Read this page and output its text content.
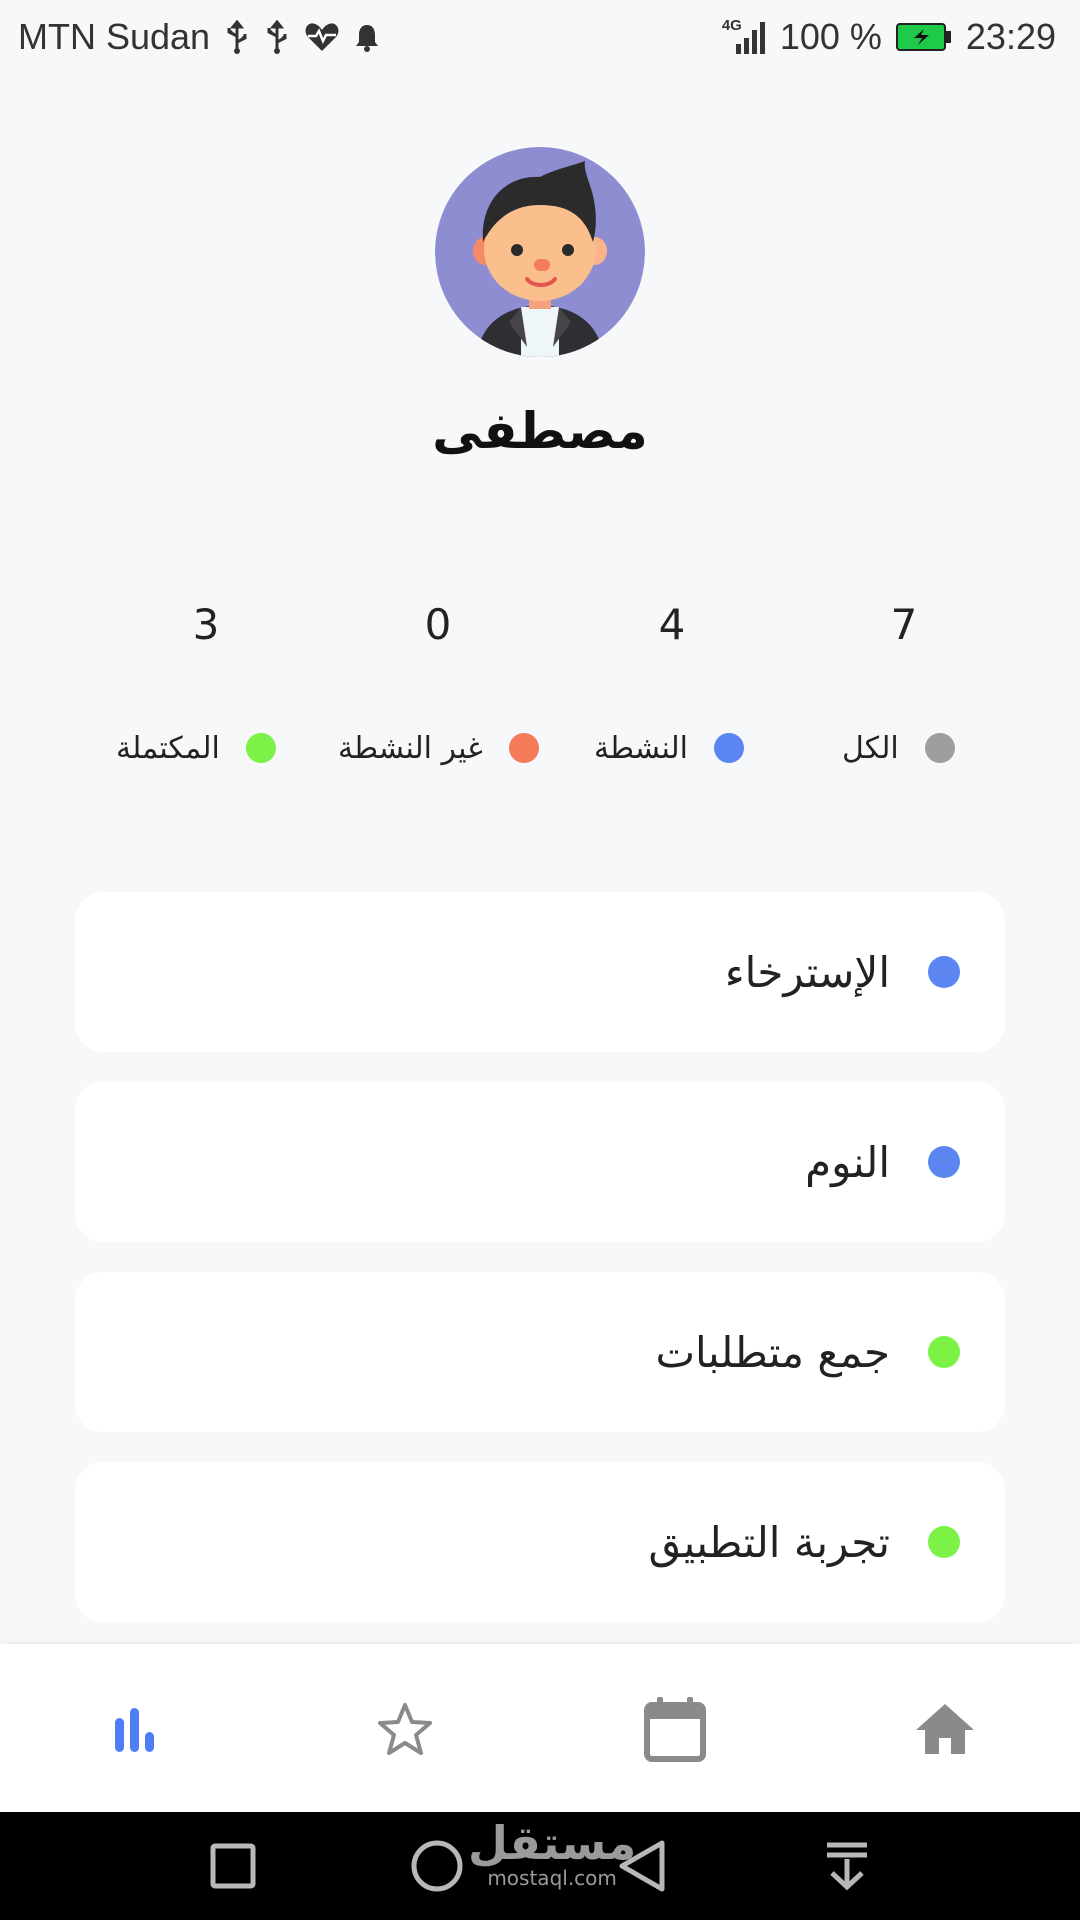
MTN Sudan	4G 100 % 23:29
مصطفى
7
4
0
3
الكل
النشطة
غير النشطة
المكتملة
الإسترخاء
النوم
جمع متطلبات
تجربة التطبيق
مستقل
mostaql.com
